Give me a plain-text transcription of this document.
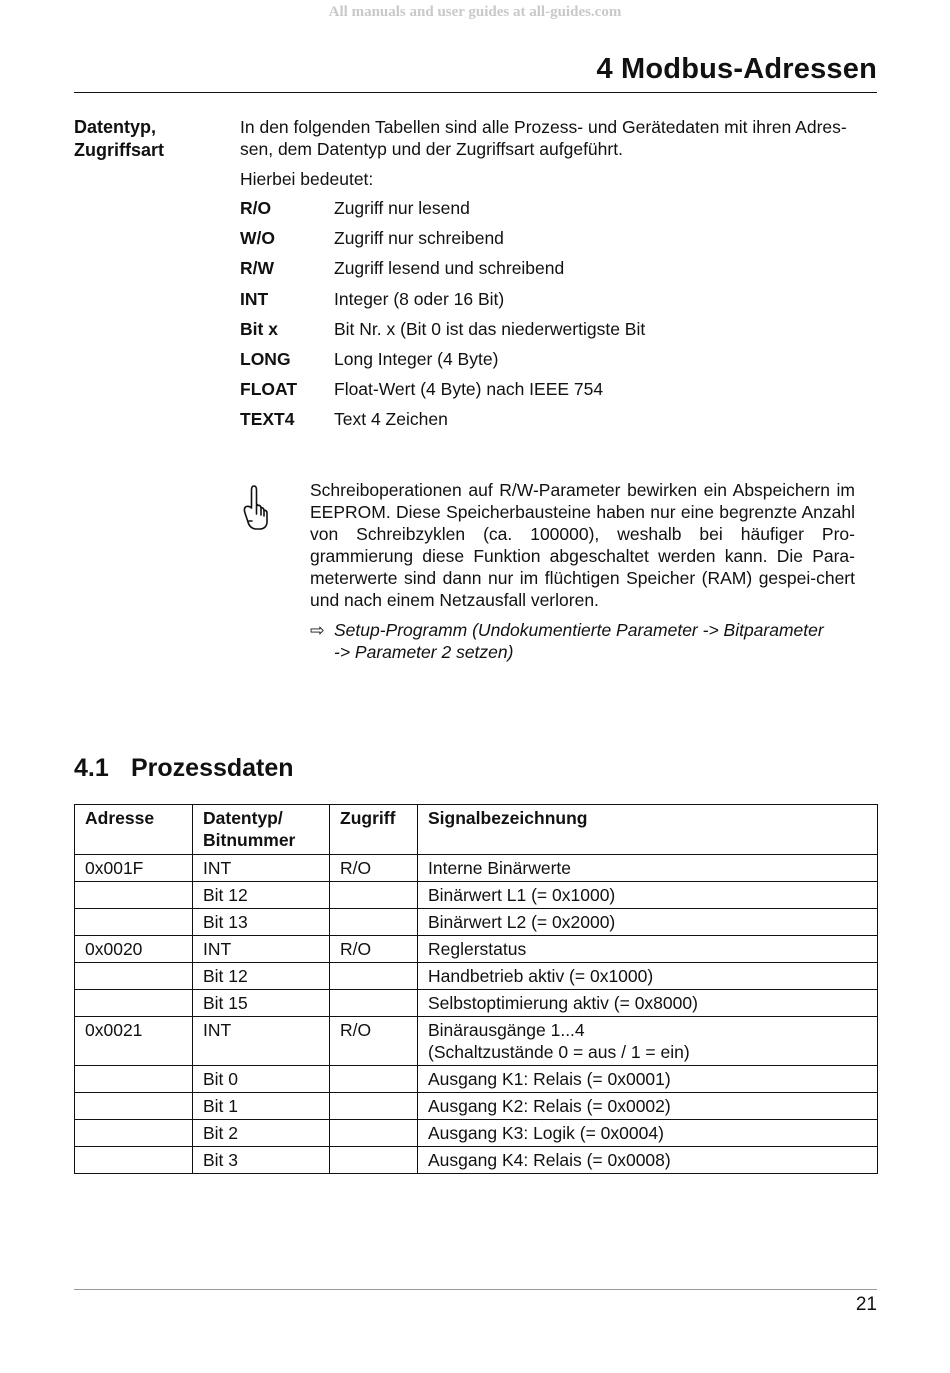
All manuals and user guides at all-guides.com
4 Modbus-Adressen
Datentyp,
Zugriffsart
In den folgenden Tabellen sind alle Prozess- und Gerätedaten mit ihren Adres-
sen, dem Datentyp und der Zugriffsart aufgeführt.
Hierbei bedeutet:
R/O	Zugriff nur lesend
W/O	Zugriff nur schreibend
R/W	Zugriff lesend und schreibend
INT	Integer (8 oder 16 Bit)
Bit x	Bit Nr. x (Bit 0 ist das niederwertigste Bit
LONG	Long Integer (4 Byte)
FLOAT	Float-Wert (4 Byte) nach IEEE 754
TEXT4	Text 4 Zeichen
Schreiboperationen auf R/W-Parameter bewirken ein Abspeichern im EEPROM. Diese Speicherbausteine haben nur eine begrenzte Anzahl von Schreibzyklen (ca. 100000), weshalb bei häufiger Pro-grammierung diese Funktion abgeschaltet werden kann. Die Para-meterwerte sind dann nur im flüchtigen Speicher (RAM) gespei-chert und nach einem Netzausfall verloren.
⇨ Setup-Programm (Undokumentierte Parameter -> Bitparameter
-> Parameter 2 setzen)
4.1 Prozessdaten
Adresse	Datentyp/
Bitnummer	Zugriff	Signalbezeichnung
0x001F	INT	R/O	Interne Binärwerte
	Bit 12		Binärwert L1 (= 0x1000)
	Bit 13		Binärwert L2 (= 0x2000)
0x0020	INT	R/O	Reglerstatus
	Bit 12		Handbetrieb aktiv (= 0x1000)
	Bit 15		Selbstoptimierung aktiv (= 0x8000)
0x0021	INT	R/O	Binärausgänge 1...4
(Schaltzustände 0 = aus / 1 = ein)
	Bit 0		Ausgang K1: Relais (= 0x0001)
	Bit 1		Ausgang K2: Relais (= 0x0002)
	Bit 2		Ausgang K3: Logik (= 0x0004)
	Bit 3		Ausgang K4: Relais (= 0x0008)
21
